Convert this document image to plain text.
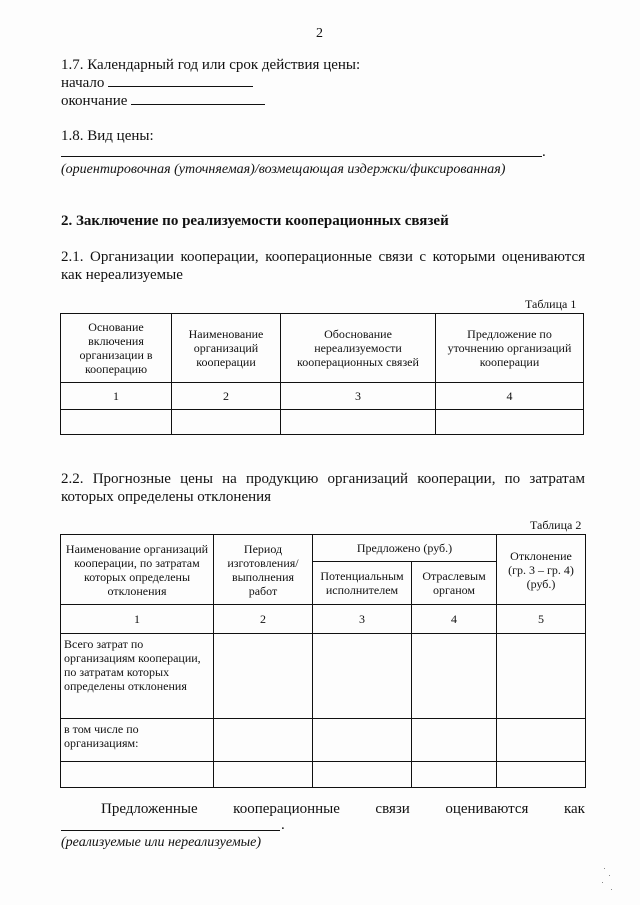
2
1.7. Календарный год или срок действия цены:
начало
окончание
1.8. Вид цены:
.
(ориентировочная (уточняемая)/возмещающая издержки/фиксированная)
2. Заключение по реализуемости кооперационных связей
2.1. Организации кооперации, кооперационные связи с которыми оцениваются
как нереализуемые
Таблица 1
Основание включения организации в кооперацию	Наименование организаций кооперации	Обоснование нереализуемости кооперационных связей	Предложение по уточнению организаций кооперации
1	2	3	4

2.2. Прогнозные цены на продукцию организаций кооперации, по затратам
которых определены отклонения
Таблица 2
Наименование организаций кооперации, по затратам которых определены отклонения	Период изготовления/ выполнения работ	Предложено (руб.)		Отклонение (гр. 3 – гр. 4) (руб.)
		Потенциальным исполнителем	Отраслевым органом	
1	2	3	4	5
Всего затрат по организациям кооперации, по затратам которых определены отклонения				
в том числе по организациям:				

Предложенные кооперационные связи оцениваются как
.
(реализуемые или нереализуемые)
